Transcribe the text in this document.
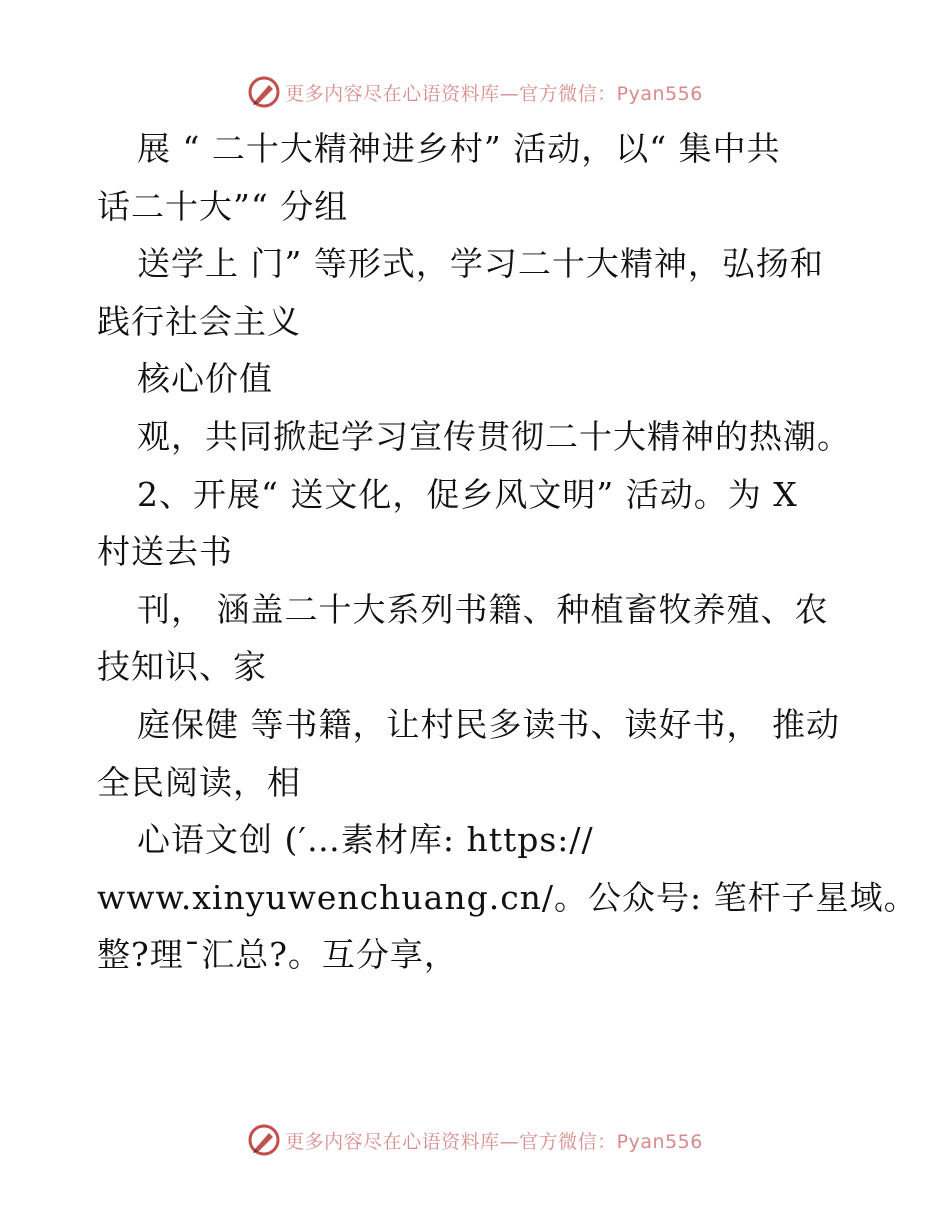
更多内容尽在心语资料库—官方微信：Pyan556
展 “ 二十大精神进乡村” 活动，以“ 集中共
话二十大”“ 分组
送学上 门” 等形式，学习二十大精神，弘扬和
践行社会主义
核心价值
观，共同掀起学习宣传贯彻二十大精神的热潮。
2、开展“ 送文化，促乡风文明” 活动。为 X
村送去书
刊， 涵盖二十大系列书籍、种植畜牧养殖、农
技知识、家
庭保健 等书籍，让村民多读书、读好书， 推动
全民阅读，相
心语文创 (′…素材库: https://
www.xinyuwenchuang.cn/。公众号: 笔杆子星域。
整?理¯汇总?。互分享，
更多内容尽在心语资料库—官方微信：Pyan556
